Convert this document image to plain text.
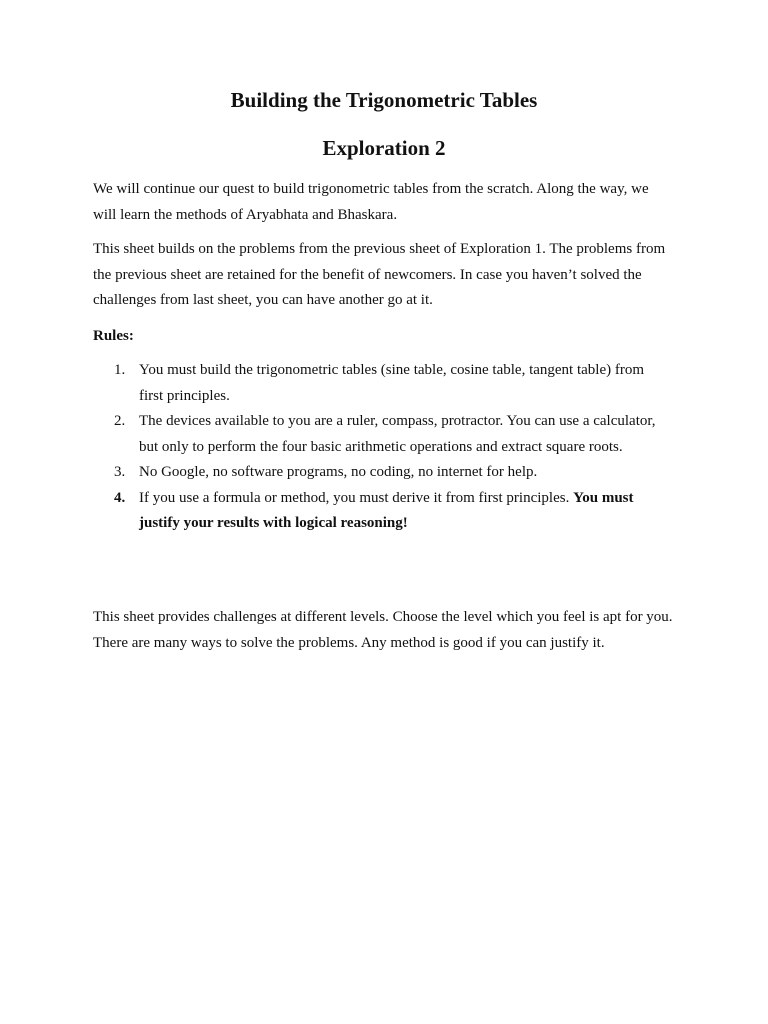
Building the Trigonometric Tables
Exploration 2

We will continue our quest to build trigonometric tables from the scratch. Along the way, we will learn the methods of Aryabhata and Bhaskara.

This sheet builds on the problems from the previous sheet of Exploration 1. The problems from the previous sheet are retained for the benefit of newcomers. In case you haven’t solved the challenges from last sheet, you can have another go at it.

Rules:

1. You must build the trigonometric tables (sine table, cosine table, tangent table) from first principles.
2. The devices available to you are a ruler, compass, protractor. You can use a calculator, but only to perform the four basic arithmetic operations and extract square roots.
3. No Google, no software programs, no coding, no internet for help.
4. If you use a formula or method, you must derive it from first principles. You must justify your results with logical reasoning!

This sheet provides challenges at different levels. Choose the level which you feel is apt for you. There are many ways to solve the problems. Any method is good if you can justify it.
